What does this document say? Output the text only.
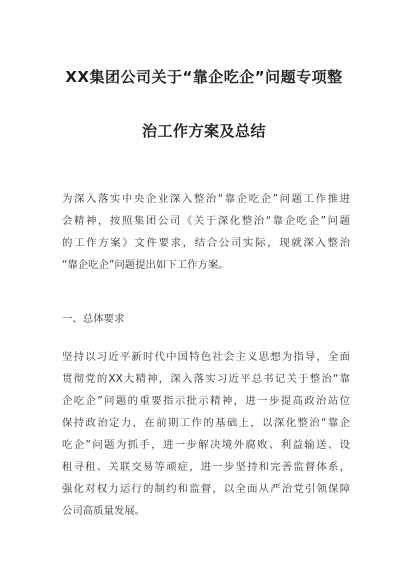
XX集团公司关于“靠企吃企”问题专项整
治工作方案及总结
为深入落实中央企业深入整治“靠企吃企”问题工作推进
会精神，按照集团公司《关于深化整治“靠企吃企”问题
的工作方案》文件要求，结合公司实际，现就深入整治
“靠企吃企”问题提出如下工作方案。
一、总体要求
坚持以习近平新时代中国特色社会主义思想为指导，全面
贯彻党的XX大精神，深入落实习近平总书记关于整治“靠
企吃企”问题的重要指示批示精神，进一步提高政治站位
保持政治定力，在前期工作的基础上，以深化整治“靠企
吃企”问题为抓手，进一步解决境外腐败、利益输送、设
租寻租、关联交易等顽症，进一步坚持和完善监督体系，
强化对权力运行的制约和监督，以全面从严治党引领保障
公司高质量发展。
